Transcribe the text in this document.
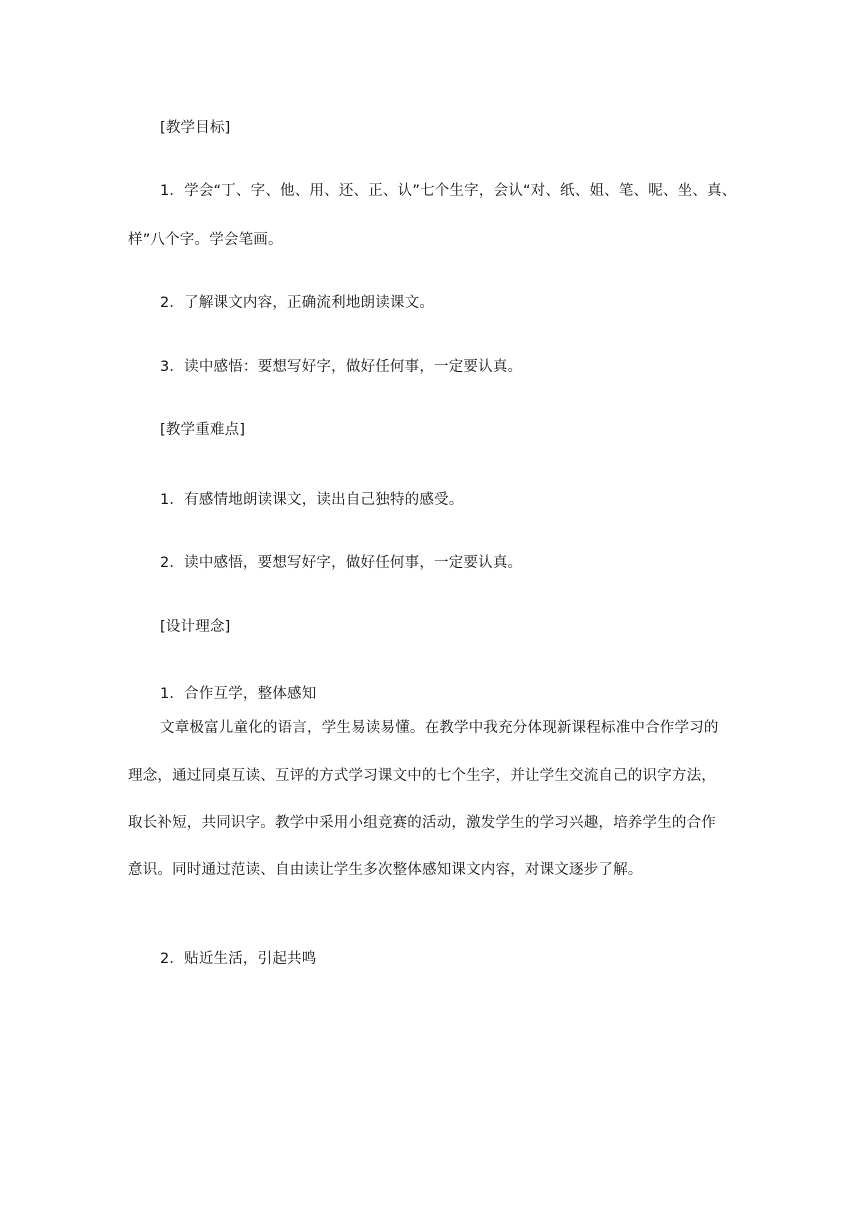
[教学目标]
1．学会“丁、字、他、用、还、正、认”七个生字，会认“对、纸、姐、笔、呢、坐、真、
样”八个字。学会笔画。
2．了解课文内容，正确流利地朗读课文。
3．读中感悟：要想写好字，做好任何事，一定要认真。
[教学重难点]
1．有感情地朗读课文，读出自己独特的感受。
2．读中感悟，要想写好字，做好任何事，一定要认真。
[设计理念]
1．合作互学，整体感知
文章极富儿童化的语言，学生易读易懂。在教学中我充分体现新课程标准中合作学习的
理念，通过同桌互读、互评的方式学习课文中的七个生字，并让学生交流自己的识字方法，
取长补短，共同识字。教学中采用小组竞赛的活动，激发学生的学习兴趣，培养学生的合作
意识。同时通过范读、自由读让学生多次整体感知课文内容，对课文逐步了解。
2．贴近生活，引起共鸣
